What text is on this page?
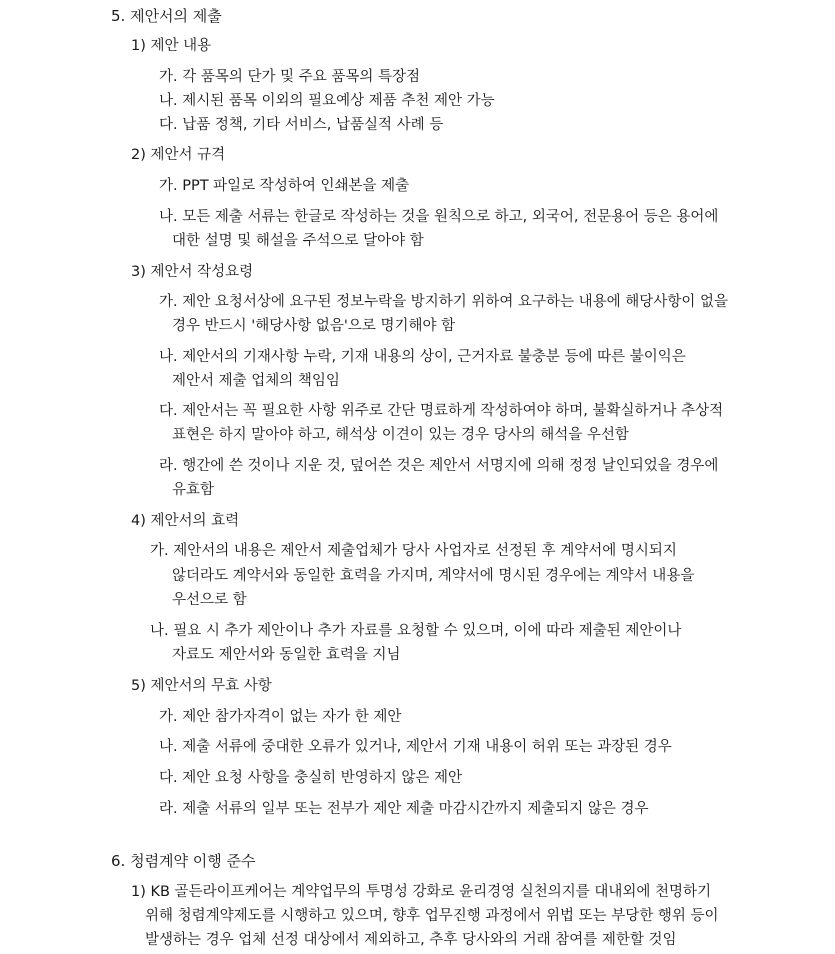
5. 제안서의 제출
1) 제안 내용
가. 각 품목의 단가 및 주요 품목의 특장점
나. 제시된 품목 이외의 필요예상 제품 추천 제안 가능
다. 납품 정책, 기타 서비스, 납품실적 사례 등
2) 제안서 규격
가. PPT 파일로 작성하여 인쇄본을 제출
나. 모든 제출 서류는 한글로 작성하는 것을 원칙으로 하고, 외국어, 전문용어 등은 용어에
대한 설명 및 해설을 주석으로 달아야 함
3) 제안서 작성요령
가. 제안 요청서상에 요구된 정보누락을 방지하기 위하여 요구하는 내용에 해당사항이 없을
경우 반드시 '해당사항 없음'으로 명기해야 함
나. 제안서의 기재사항 누락, 기재 내용의 상이, 근거자료 불충분 등에 따른 불이익은
제안서 제출 업체의 책임임
다. 제안서는 꼭 필요한 사항 위주로 간단 명료하게 작성하여야 하며, 불확실하거나 추상적
표현은 하지 말아야 하고, 해석상 이견이 있는 경우 당사의 해석을 우선함
라. 행간에 쓴 것이나 지운 것, 덮어쓴 것은 제안서 서명지에 의해 정정 날인되었을 경우에
유효함
4) 제안서의 효력
가. 제안서의 내용은 제안서 제출업체가 당사 사업자로 선정된 후 계약서에 명시되지
않더라도 계약서와 동일한 효력을 가지며, 계약서에 명시된 경우에는 계약서 내용을
우선으로 함
나. 필요 시 추가 제안이나 추가 자료를 요청할 수 있으며, 이에 따라 제출된 제안이나
자료도 제안서와 동일한 효력을 지님
5) 제안서의 무효 사항
가. 제안 참가자격이 없는 자가 한 제안
나. 제출 서류에 중대한 오류가 있거나, 제안서 기재 내용이 허위 또는 과장된 경우
다. 제안 요청 사항을 충실히 반영하지 않은 제안
라. 제출 서류의 일부 또는 전부가 제안 제출 마감시간까지 제출되지 않은 경우
6. 청렴계약 이행 준수
1) KB 골든라이프케어는 계약업무의 투명성 강화로 윤리경영 실천의지를 대내외에 천명하기
위해 청렴계약제도를 시행하고 있으며, 향후 업무진행 과정에서 위법 또는 부당한 행위 등이
발생하는 경우 업체 선정 대상에서 제외하고, 추후 당사와의 거래 참여를 제한할 것임
